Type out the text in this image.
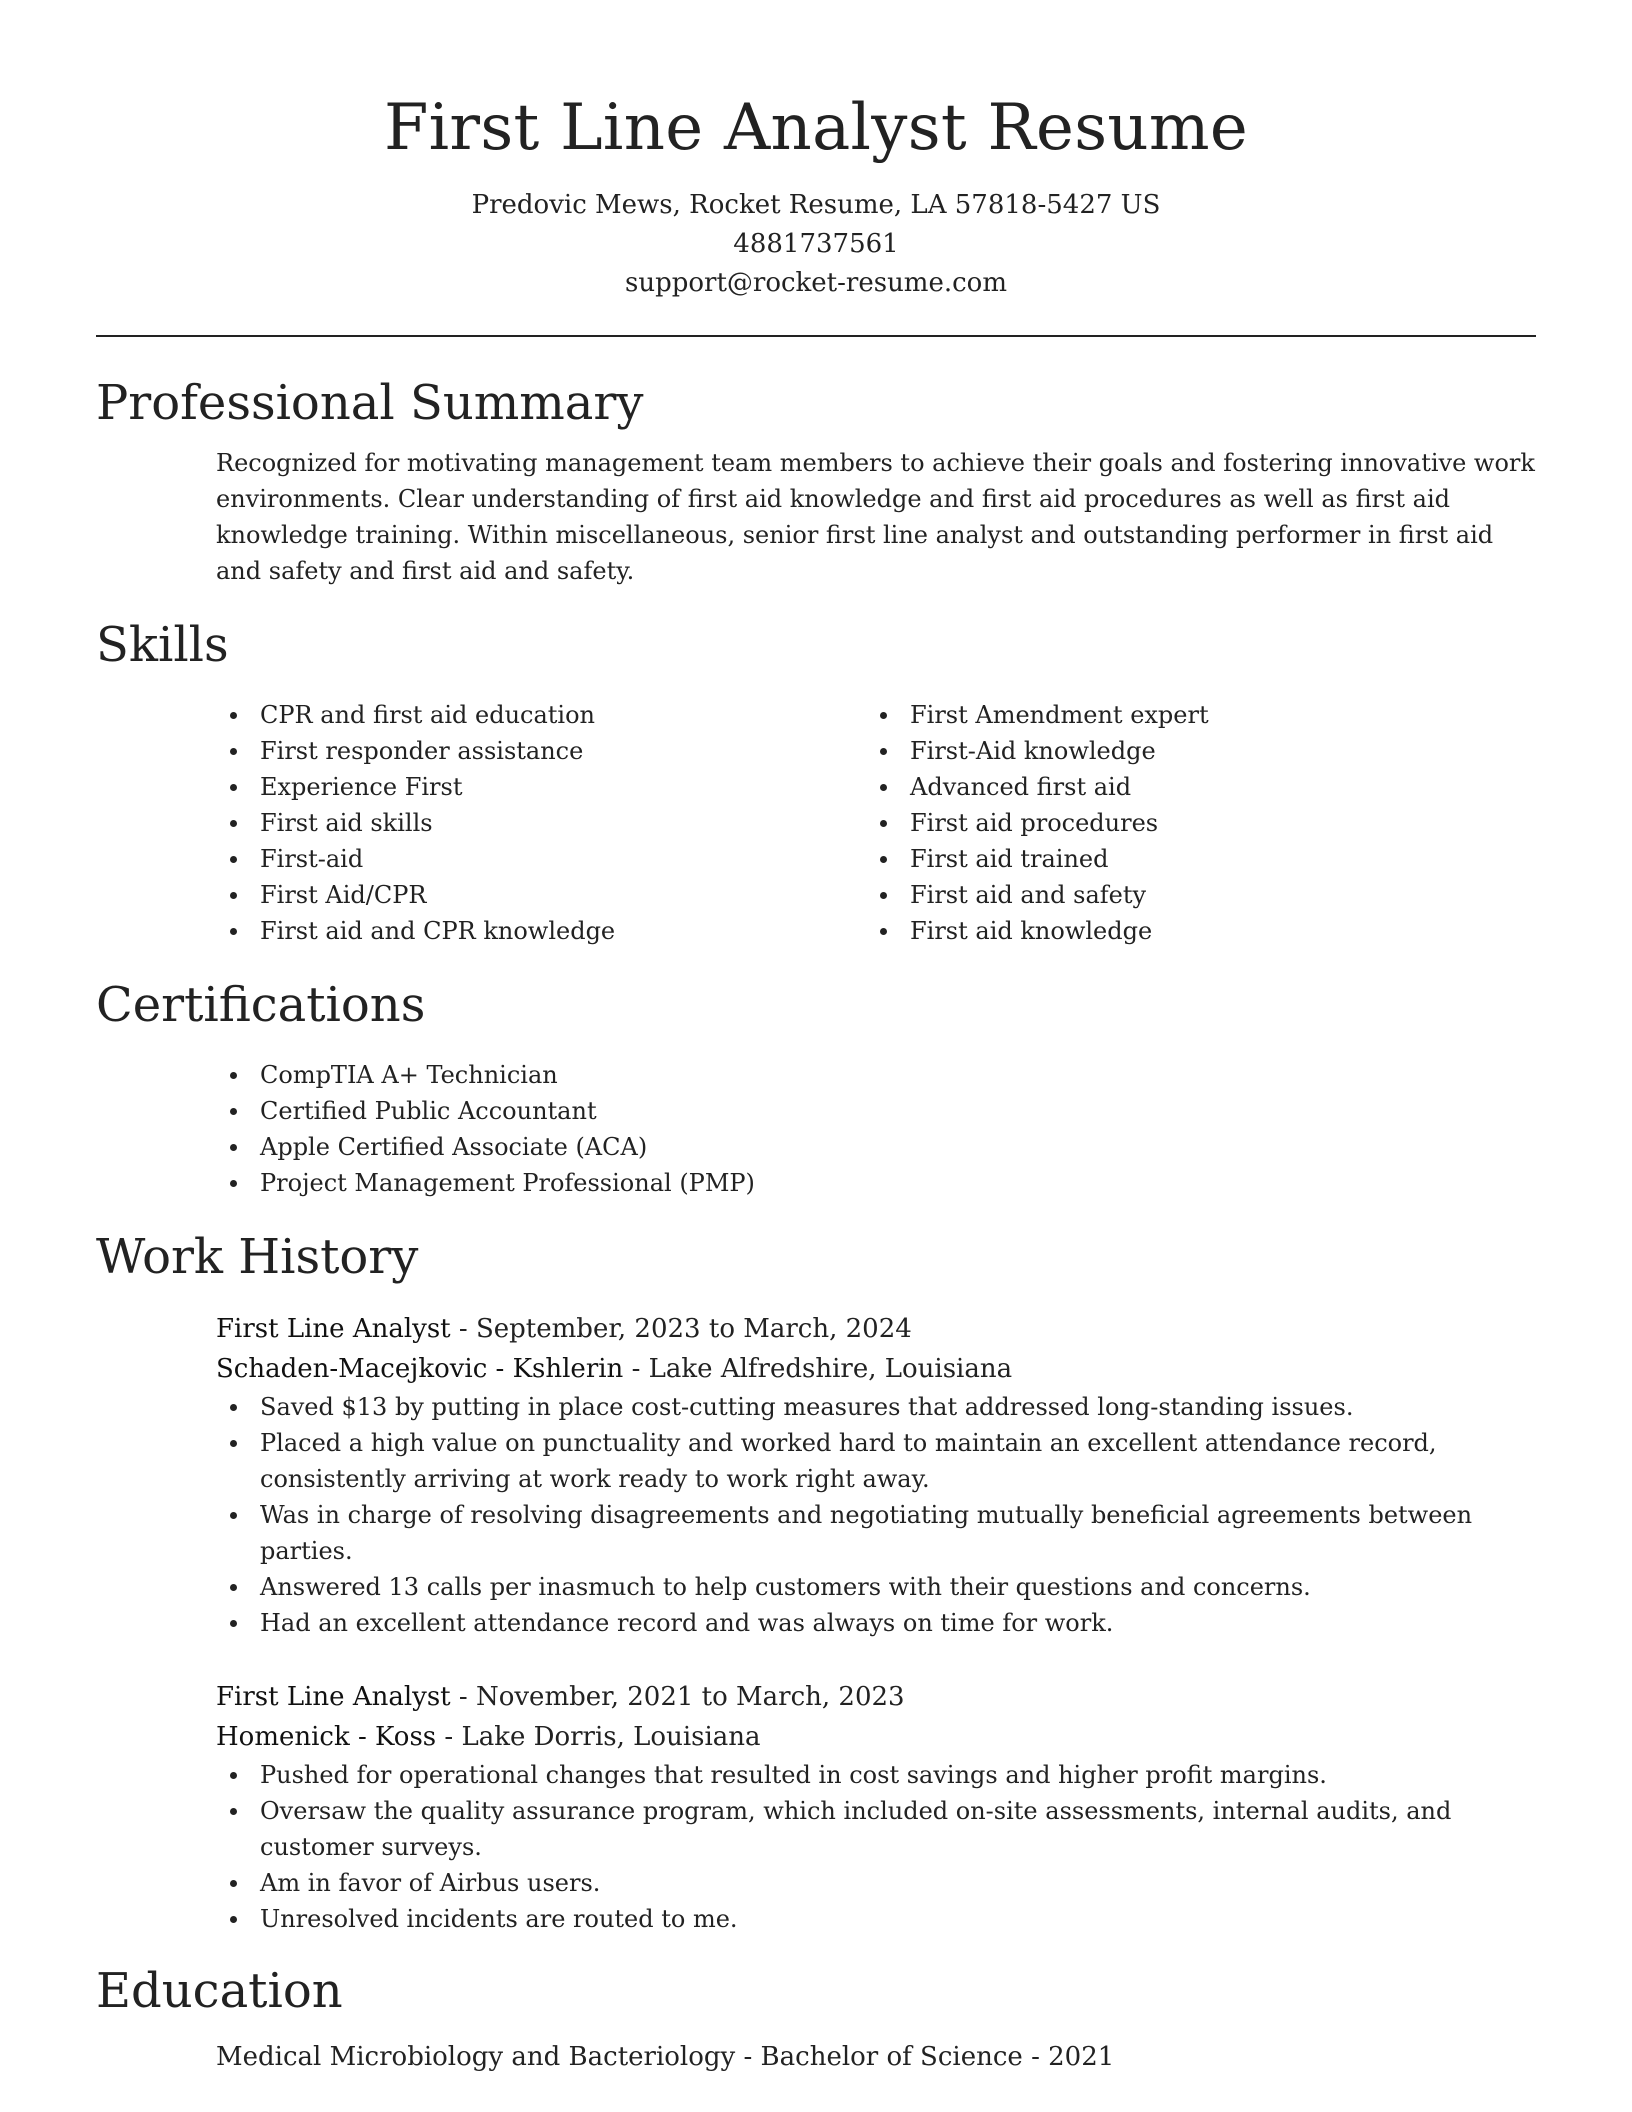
First Line Analyst Resume

Predovic Mews, Rocket Resume, LA 57818-5427 US

4881737561

support@rocket-resume.com

Professional Summary

Recognized for motivating management team members to achieve their goals and fostering innovative work environments. Clear understanding of first aid knowledge and first aid procedures as well as first aid knowledge training. Within miscellaneous, senior first line analyst and outstanding performer in first aid and safety and first aid and safety.

Skills
CPR and first aid education
First responder assistance
Experience First
First aid skills
First-aid
First Aid/CPR
First aid and CPR knowledge
First Amendment expert
First-Aid knowledge
Advanced first aid
First aid procedures
First aid trained
First aid and safety
First aid knowledge
Certifications
CompTIA A+ Technician
Certified Public Accountant
Apple Certified Associate (ACA)
Project Management Professional (PMP)
Work History

First Line Analyst - September, 2023 to March, 2024

Schaden-Macejkovic - Kshlerin - Lake Alfredshire, Louisiana

Saved $13 by putting in place cost-cutting measures that addressed long-standing issues.
Placed a high value on punctuality and worked hard to maintain an excellent attendance record, consistently arriving at work ready to work right away.
Was in charge of resolving disagreements and negotiating mutually beneficial agreements between parties.
Answered 13 calls per inasmuch to help customers with their questions and concerns.
Had an excellent attendance record and was always on time for work.

First Line Analyst - November, 2021 to March, 2023

Homenick - Koss - Lake Dorris, Louisiana

Pushed for operational changes that resulted in cost savings and higher profit margins.
Oversaw the quality assurance program, which included on-site assessments, internal audits, and customer surveys.
Am in favor of Airbus users.
Unresolved incidents are routed to me.
Education

Medical Microbiology and Bacteriology - Bachelor of Science - 2021
